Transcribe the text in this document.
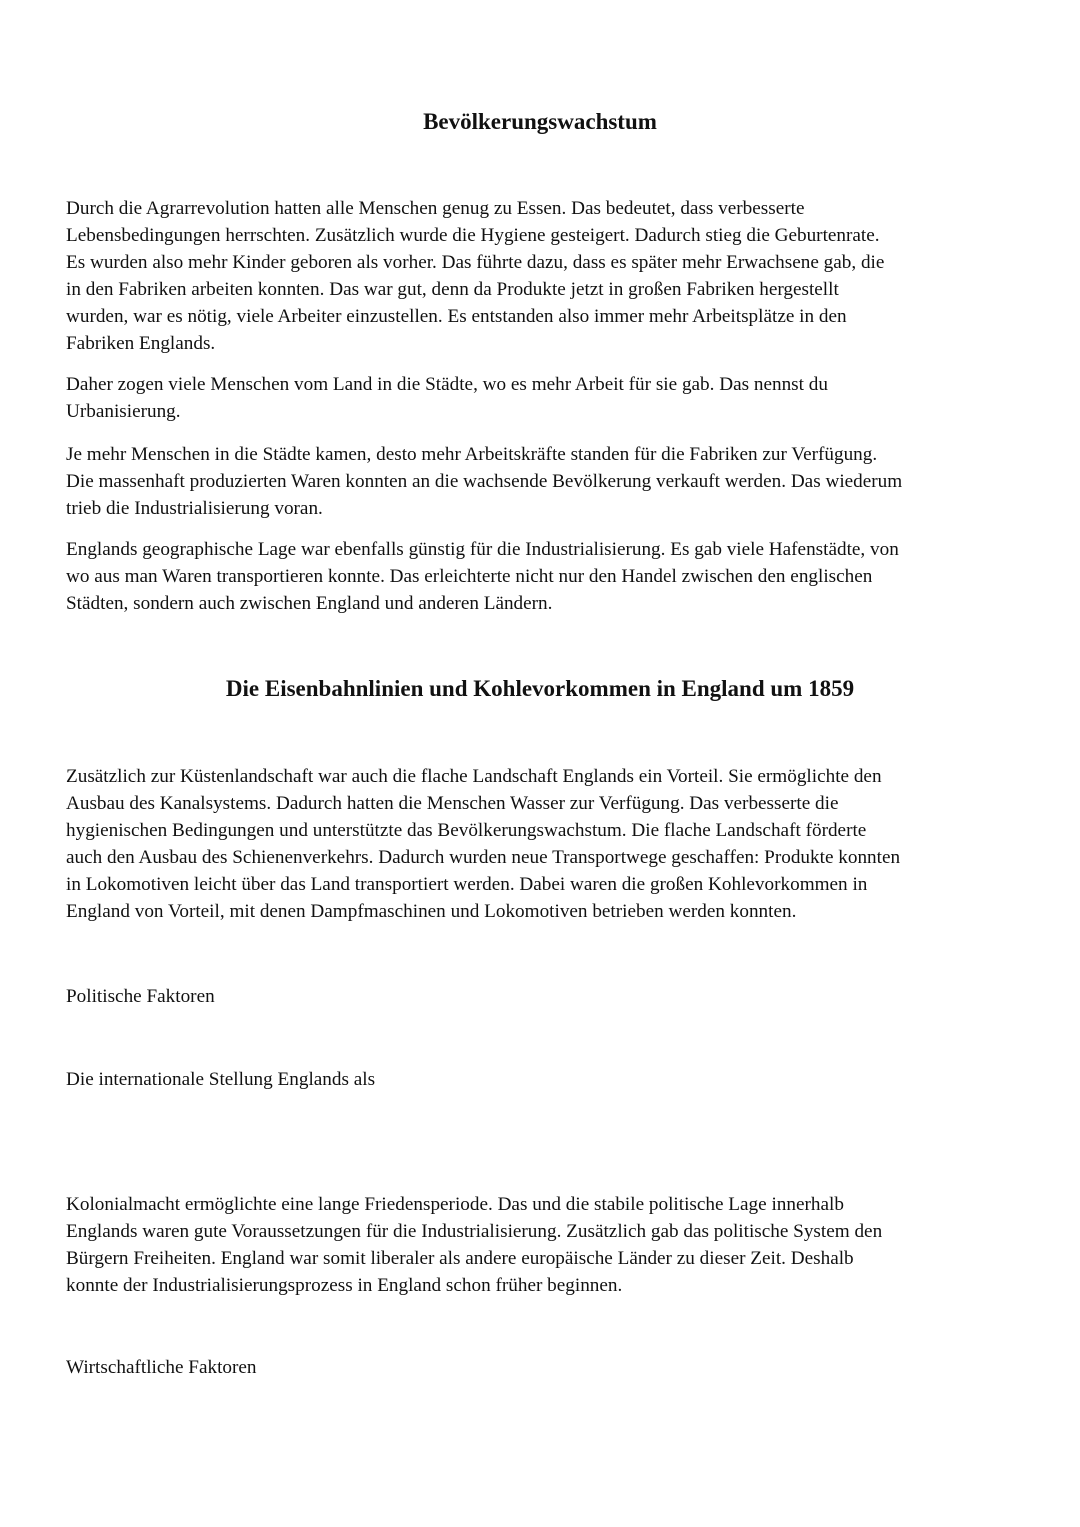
Bevölkerungswachstum

Durch die Agrarrevolution hatten alle Menschen genug zu Essen. Das bedeutet, dass verbesserte
Lebensbedingungen herrschten. Zusätzlich wurde die Hygiene gesteigert. Dadurch stieg die Geburtenrate.
Es wurden also mehr Kinder geboren als vorher. Das führte dazu, dass es später mehr Erwachsene gab, die
in den Fabriken arbeiten konnten. Das war gut, denn da Produkte jetzt in großen Fabriken hergestellt
wurden, war es nötig, viele Arbeiter einzustellen. Es entstanden also immer mehr Arbeitsplätze in den
Fabriken Englands.

Daher zogen viele Menschen vom Land in die Städte, wo es mehr Arbeit für sie gab. Das nennst du
Urbanisierung.

Je mehr Menschen in die Städte kamen, desto mehr Arbeitskräfte standen für die Fabriken zur Verfügung.
Die massenhaft produzierten Waren konnten an die wachsende Bevölkerung verkauft werden. Das wiederum
trieb die Industrialisierung voran.

Englands geographische Lage war ebenfalls günstig für die Industrialisierung. Es gab viele Hafenstädte, von
wo aus man Waren transportieren konnte. Das erleichterte nicht nur den Handel zwischen den englischen
Städten, sondern auch zwischen England und anderen Ländern.

Die Eisenbahnlinien und Kohlevorkommen in England um 1859

Zusätzlich zur Küstenlandschaft war auch die flache Landschaft Englands ein Vorteil. Sie ermöglichte den
Ausbau des Kanalsystems. Dadurch hatten die Menschen Wasser zur Verfügung. Das verbesserte die
hygienischen Bedingungen und unterstützte das Bevölkerungswachstum. Die flache Landschaft förderte
auch den Ausbau des Schienenverkehrs. Dadurch wurden neue Transportwege geschaffen: Produkte konnten
in Lokomotiven leicht über das Land transportiert werden. Dabei waren die großen Kohlevorkommen in
England von Vorteil, mit denen Dampfmaschinen und Lokomotiven betrieben werden konnten.

Politische Faktoren

Die internationale Stellung Englands als

Kolonialmacht ermöglichte eine lange Friedensperiode. Das und die stabile politische Lage innerhalb
Englands waren gute Voraussetzungen für die Industrialisierung. Zusätzlich gab das politische System den
Bürgern Freiheiten. England war somit liberaler als andere europäische Länder zu dieser Zeit. Deshalb
konnte der Industrialisierungsprozess in England schon früher beginnen.

Wirtschaftliche Faktoren
